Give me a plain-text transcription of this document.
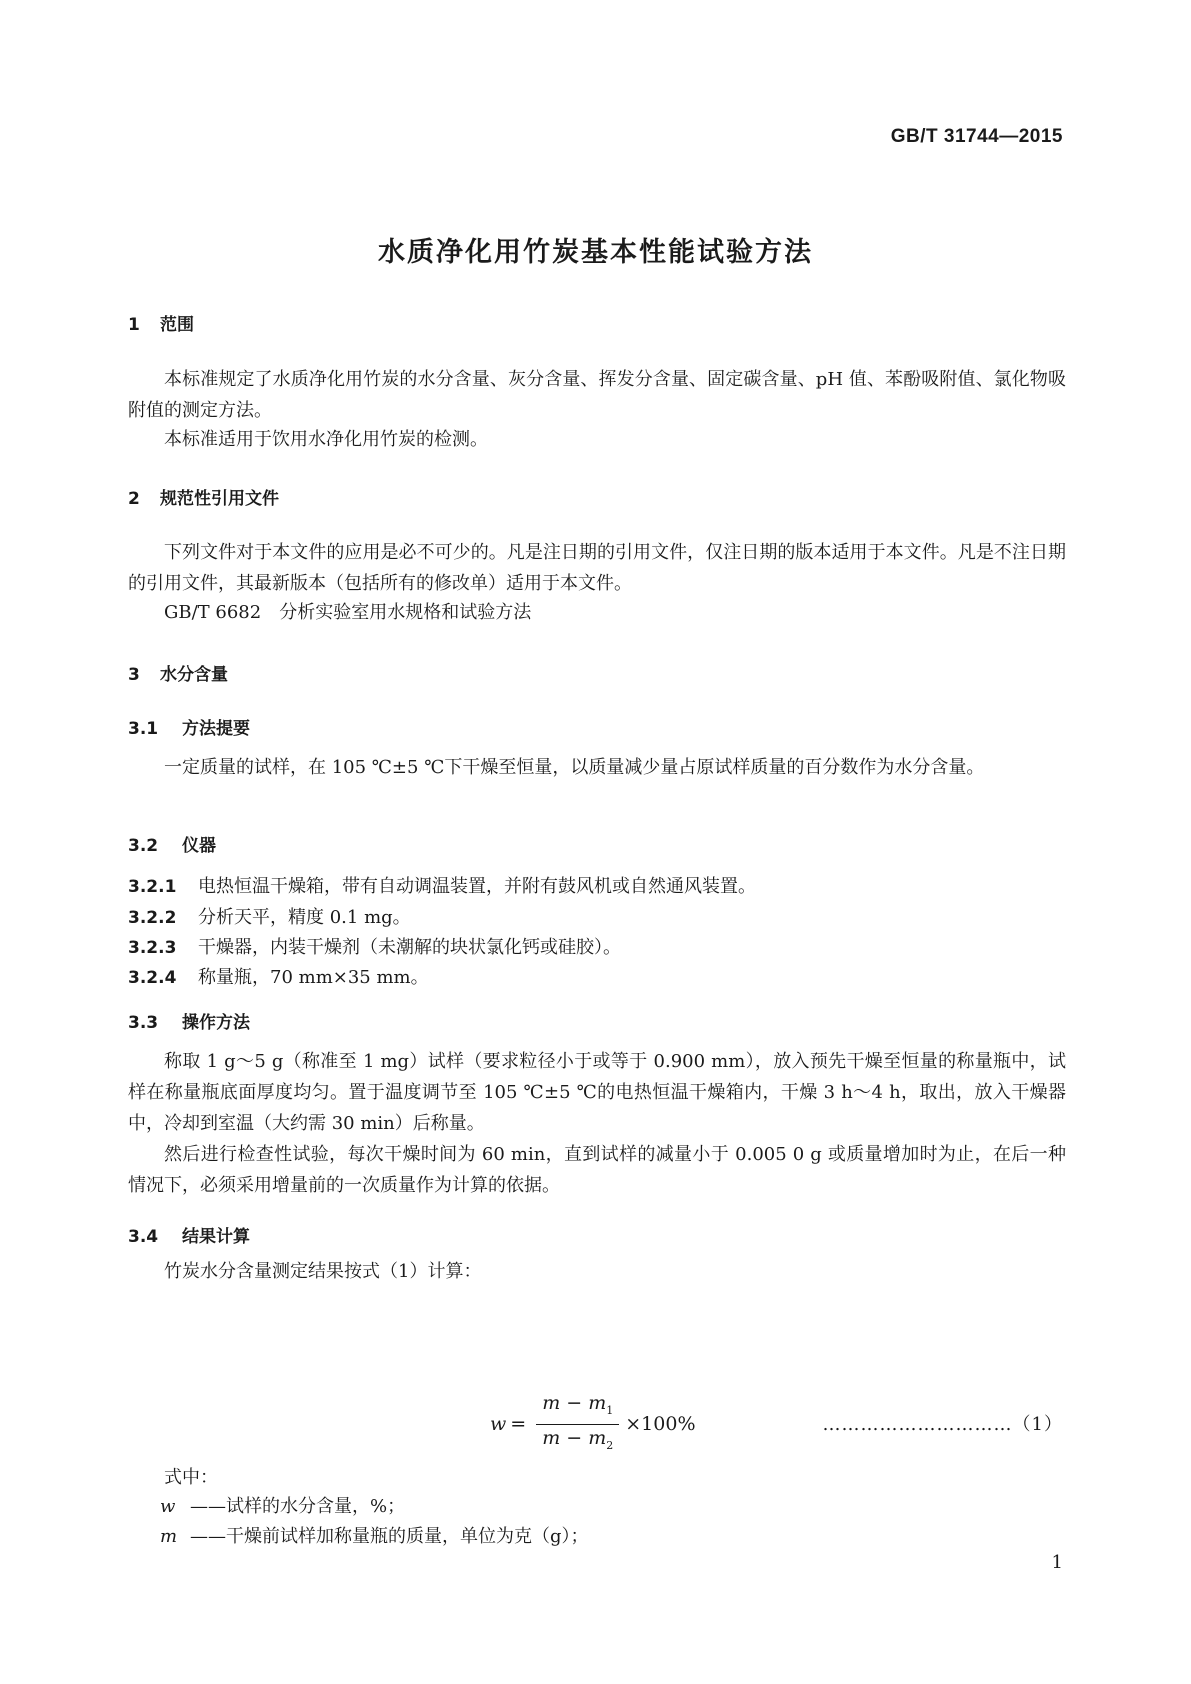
GB/T 31744—2015
水质净化用竹炭基本性能试验方法
1 范围
本标准规定了水质净化用竹炭的水分含量、灰分含量、挥发分含量、固定碳含量、pH 值、苯酚吸附值、氯化物吸附值的测定方法。
本标准适用于饮用水净化用竹炭的检测。
2 规范性引用文件
下列文件对于本文件的应用是必不可少的。凡是注日期的引用文件，仅注日期的版本适用于本文件。凡是不注日期的引用文件，其最新版本（包括所有的修改单）适用于本文件。
GB/T 6682　分析实验室用水规格和试验方法
3 水分含量
3.1 方法提要
一定质量的试样，在 105 ℃±5 ℃下干燥至恒量，以质量减少量占原试样质量的百分数作为水分含量。
3.2 仪器
3.2.1 电热恒温干燥箱，带有自动调温装置，并附有鼓风机或自然通风装置。
3.2.2 分析天平，精度 0.1 mg。
3.2.3 干燥器，内装干燥剂（未潮解的块状氯化钙或硅胶）。
3.2.4 称量瓶，70 mm×35 mm。
3.3 操作方法
称取 1 g～5 g（称准至 1 mg）试样（要求粒径小于或等于 0.900 mm），放入预先干燥至恒量的称量瓶中，试样在称量瓶底面厚度均匀。置于温度调节至 105 ℃±5 ℃的电热恒温干燥箱内，干燥 3 h～4 h，取出，放入干燥器中，冷却到室温（大约需 30 min）后称量。
然后进行检查性试验，每次干燥时间为 60 min，直到试样的减量小于 0.005 0 g 或质量增加时为止，在后一种情况下，必须采用增量前的一次质量作为计算的依据。
3.4 结果计算
竹炭水分含量测定结果按式（1）计算：
$w = \frac{m - m_1}{m - m_2} \times 100\%$	…………………………（1）
式中：
w ——试样的水分含量，%；
m ——干燥前试样加称量瓶的质量，单位为克（g）；
1
